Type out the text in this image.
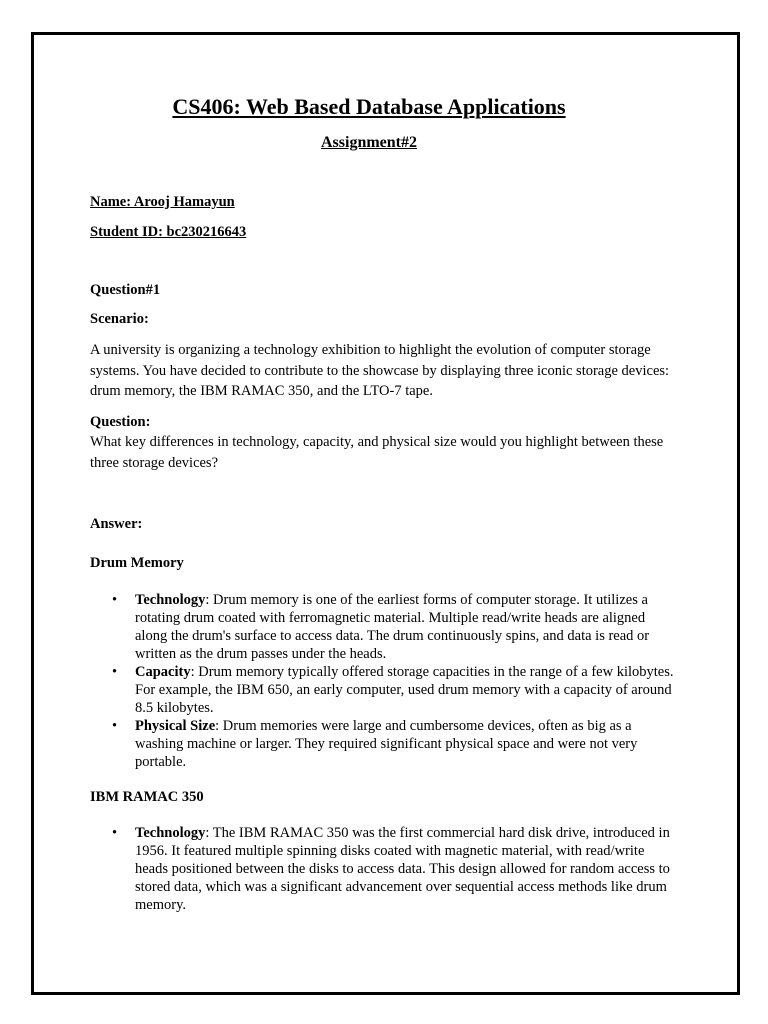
CS406: Web Based Database Applications
Assignment#2
Name: Arooj Hamayun
Student ID: bc230216643
Question#1
Scenario:
A university is organizing a technology exhibition to highlight the evolution of computer storage systems. You have decided to contribute to the showcase by displaying three iconic storage devices: drum memory, the IBM RAMAC 350, and the LTO-7 tape.
Question:
What key differences in technology, capacity, and physical size would you highlight between these three storage devices?
Answer:
Drum Memory
• Technology: Drum memory is one of the earliest forms of computer storage. It utilizes a rotating drum coated with ferromagnetic material. Multiple read/write heads are aligned along the drum's surface to access data. The drum continuously spins, and data is read or written as the drum passes under the heads.
• Capacity: Drum memory typically offered storage capacities in the range of a few kilobytes. For example, the IBM 650, an early computer, used drum memory with a capacity of around 8.5 kilobytes.
• Physical Size: Drum memories were large and cumbersome devices, often as big as a washing machine or larger. They required significant physical space and were not very portable.
IBM RAMAC 350
• Technology: The IBM RAMAC 350 was the first commercial hard disk drive, introduced in 1956. It featured multiple spinning disks coated with magnetic material, with read/write heads positioned between the disks to access data. This design allowed for random access to stored data, which was a significant advancement over sequential access methods like drum memory.
